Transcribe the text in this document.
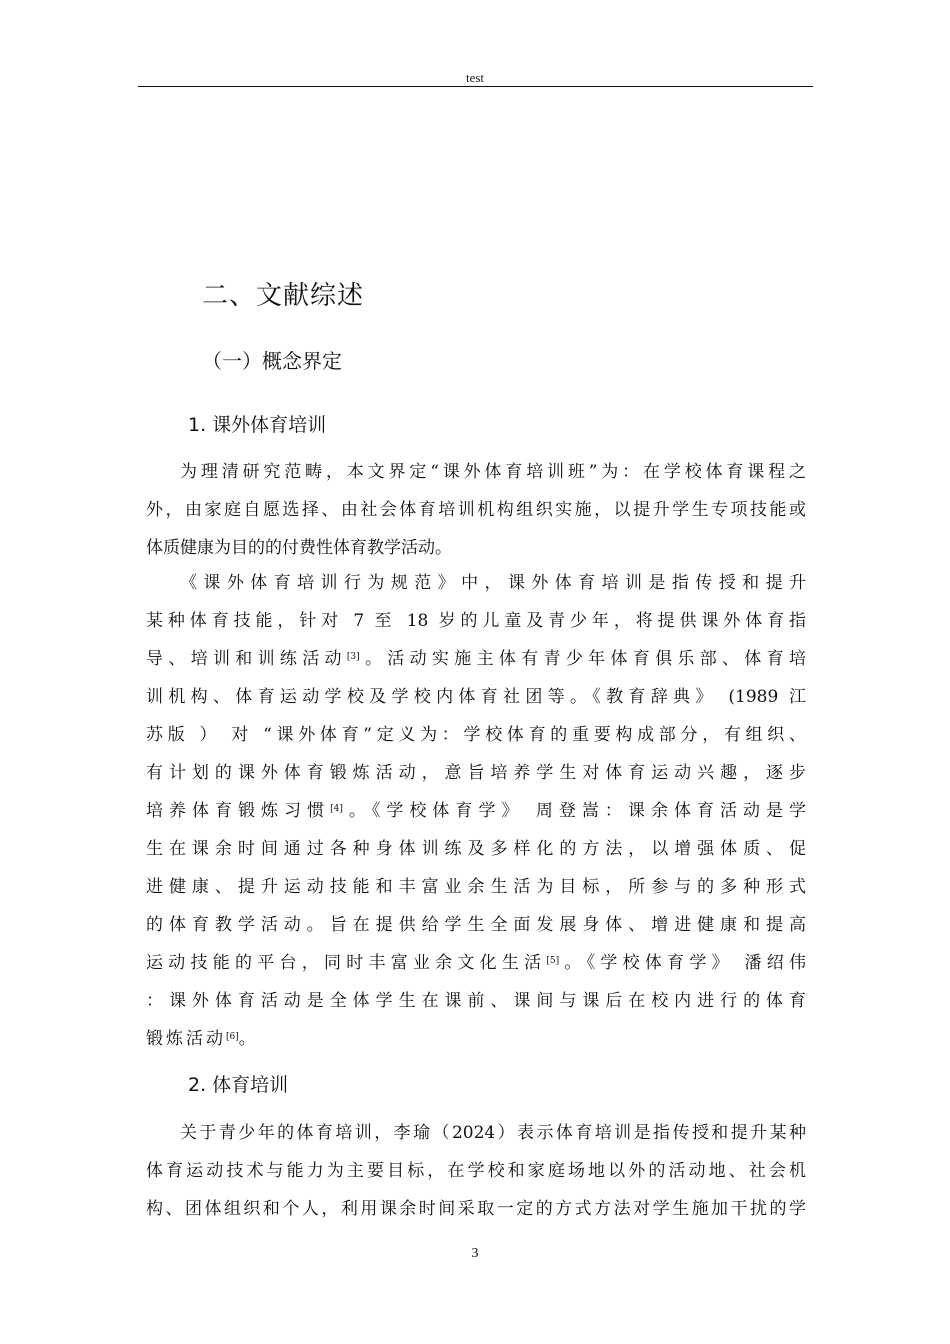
test
二、文献综述
（一）概念界定
1. 课外体育培训
为理清研究范畴，本文界定“课外体育培训班”为：在学校体育课程之
外，由家庭自愿选择、由社会体育培训机构组织实施，以提升学生专项技能或
体质健康为目的的付费性体育教学活动。
《课外体育培训行为规范》中，课外体育培训是指传授和提升
某种体育技能，针对 7 至 18 岁的儿童及青少年，将提供课外体育指
导、培训和训练活动[3]。活动实施主体有青少年体育俱乐部、体育培
训机构、体育运动学校及学校内体育社团等。《教育辞典》 (1989 江
苏版 ） 对 “课外体育”定义为：学校体育的重要构成部分，有组织、
有计划的课外体育锻炼活动，意旨培养学生对体育运动兴趣，逐步
培养体育锻炼习惯[4]。《学校体育学》 周登嵩：课余体育活动是学
生在课余时间通过各种身体训练及多样化的方法，以增强体质、促
进健康、提升运动技能和丰富业余生活为目标，所参与的多种形式
的体育教学活动。旨在提供给学生全面发展身体、增进健康和提高
运动技能的平台，同时丰富业余文化生活[5]。《学校体育学》 潘绍伟
：课外体育活动是全体学生在课前、课间与课后在校内进行的体育
锻炼活动[6]。
2. 体育培训
关于青少年的体育培训，李瑜（2024）表示体育培训是指传授和提升某种
体育运动技术与能力为主要目标，在学校和家庭场地以外的活动地、社会机
构、团体组织和个人，利用课余时间采取一定的方式方法对学生施加干扰的学
3
